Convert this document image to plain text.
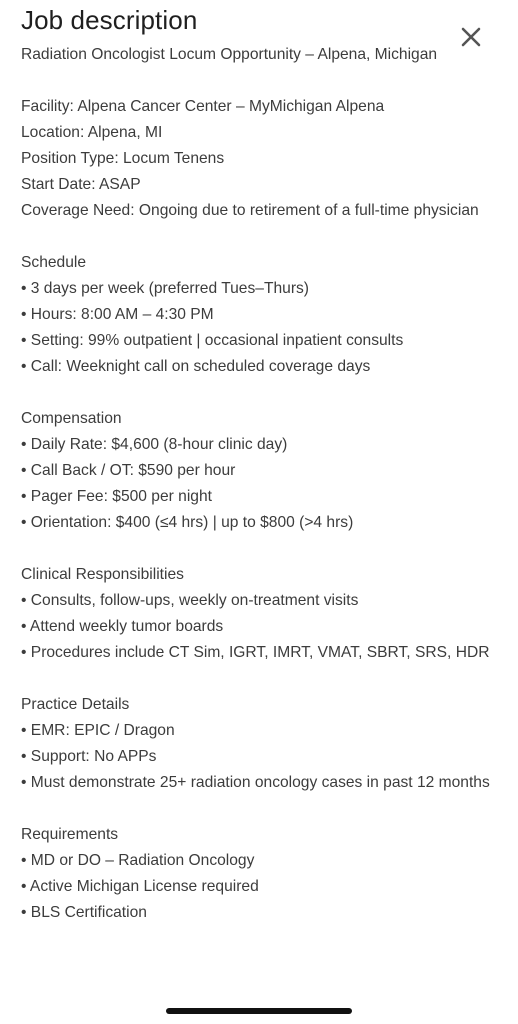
Job description

Radiation Oncologist Locum Opportunity – Alpena, Michigan

Facility: Alpena Cancer Center – MyMichigan Alpena

Location: Alpena, MI

Position Type: Locum Tenens

Start Date: ASAP

Coverage Need: Ongoing due to retirement of a full-time physician

Schedule

• 3 days per week (preferred Tues–Thurs)

• Hours: 8:00 AM – 4:30 PM

• Setting: 99% outpatient | occasional inpatient consults

• Call: Weeknight call on scheduled coverage days

Compensation

• Daily Rate: $4,600 (8-hour clinic day)

• Call Back / OT: $590 per hour

• Pager Fee: $500 per night

• Orientation: $400 (≤4 hrs) | up to $800 (>4 hrs)

Clinical Responsibilities

• Consults, follow-ups, weekly on-treatment visits

• Attend weekly tumor boards

• Procedures include CT Sim, IGRT, IMRT, VMAT, SBRT, SRS, HDR

Practice Details

• EMR: EPIC / Dragon

• Support: No APPs

• Must demonstrate 25+ radiation oncology cases in past 12 months

Requirements

• MD or DO – Radiation Oncology

• Active Michigan License required

• BLS Certification
